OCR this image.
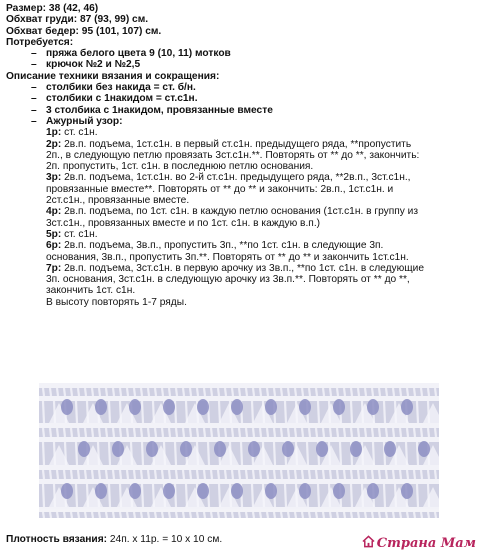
Размер: 38 (42, 46)
Обхват груди: 87 (93, 99) см.
Обхват бедер: 95 (101, 107) см.
Потребуется:
– пряжа белого цвета 9 (10, 11) мотков
– крючок №2 и №2,5
Описание техники вязания и сокращения:
– столбики без накида = ст. б/н.
– столбики с 1накидом = ст.с1н.
– 3 столбика с 1накидом, провязанные вместе
– Ажурный узор:
1р: ст. с1н.
2р: 2в.п. подъема, 1ст.с1н. в первый ст.с1н. предыдущего ряда, **пропустить
2п., в следующую петлю провязать 3ст.с1н.**. Повторять от ** до **, закончить:
2п. пропустить, 1ст. с1н. в последнюю петлю основания.
3р: 2в.п. подъема, 1ст.с1н. во 2-й ст.с1н. предыдущего ряда, **2в.п., 3ст.с1н.,
провязанные вместе**. Повторять от ** до ** и закончить: 2в.п., 1ст.с1н. и
2ст.с1н., провязанные вместе.
4р: 2в.п. подъема, по 1ст. с1н. в каждую петлю основания (1ст.с1н. в группу из
3ст.с1н., провязанных вместе и по 1ст. с1н. в каждую в.п.)
5р: ст. с1н.
6р: 2в.п. подъема, 3в.п., пропустить 3п., **по 1ст. с1н. в следующие 3п.
основания, 3в.п., пропустить 3п.**. Повторять от ** до ** и закончить 1ст.с1н.
7р: 2в.п. подъема, 3ст.с1н. в первую арочку из 3в.п., **по 1ст. с1н. в следующие
3п. основания, 3ст.с1н. в следующую арочку из 3в.п.**. Повторять от ** до **,
закончить 1ст. с1н.
В высоту повторять 1-7 ряды.
Плотность вязания: 24п. х 11р. = 10 х 10 см.	Страна Мам
